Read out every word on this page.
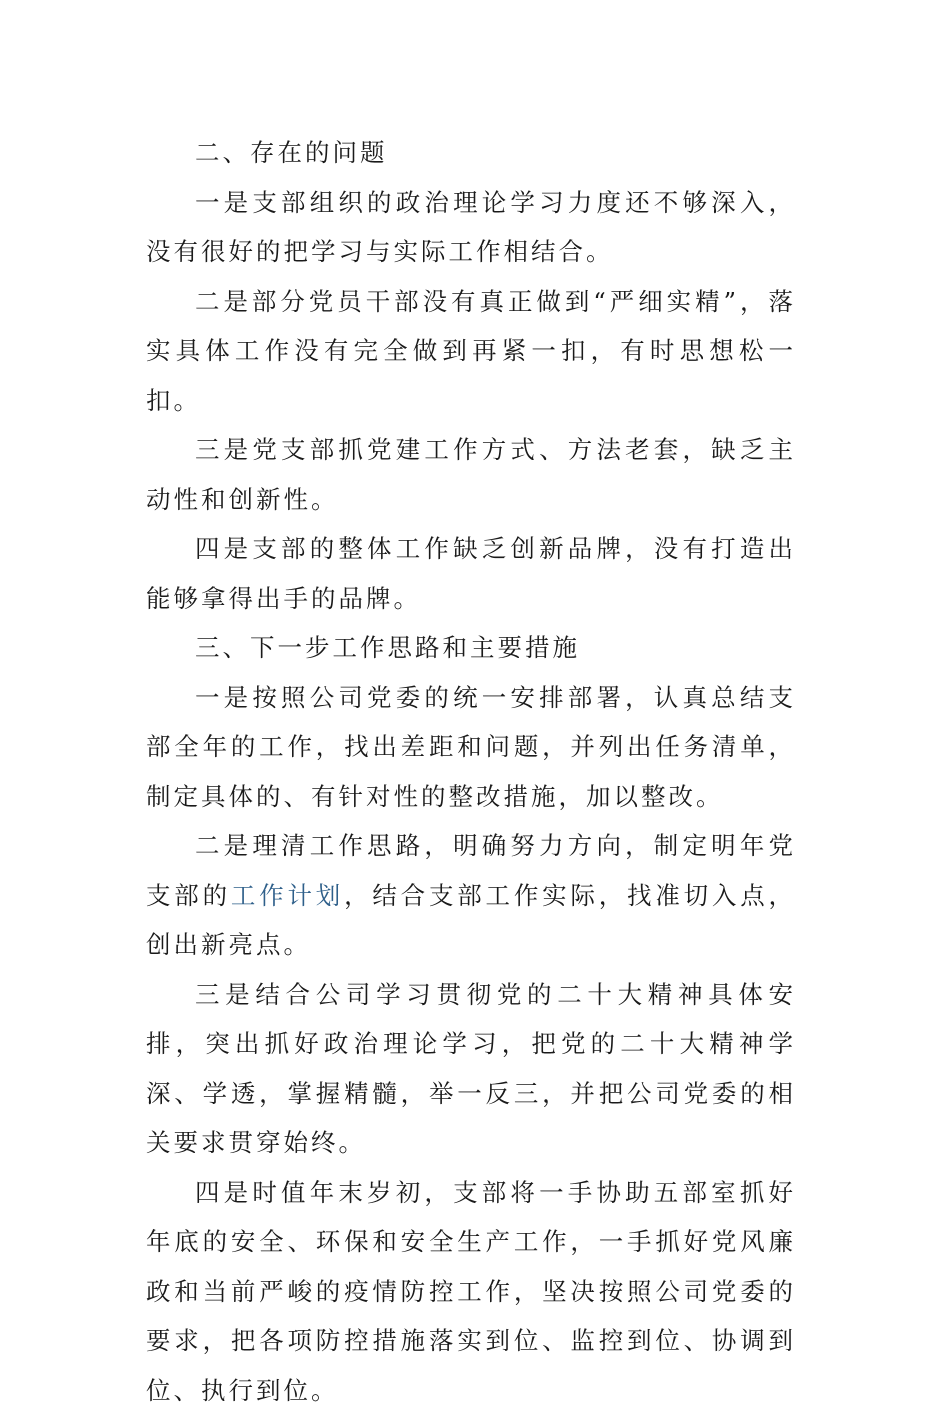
二、存在的问题

一是支部组织的政治理论学习力度还不够深入，没有很好的把学习与实际工作相结合。

二是部分党员干部没有真正做到“严细实精”，落实具体工作没有完全做到再紧一扣，有时思想松一扣。

三是党支部抓党建工作方式、方法老套，缺乏主动性和创新性。

四是支部的整体工作缺乏创新品牌，没有打造出能够拿得出手的品牌。

三、下一步工作思路和主要措施

一是按照公司党委的统一安排部署，认真总结支部全年的工作，找出差距和问题，并列出任务清单，制定具体的、有针对性的整改措施，加以整改。

二是理清工作思路，明确努力方向，制定明年党支部的工作计划，结合支部工作实际，找准切入点，创出新亮点。

三是结合公司学习贯彻党的二十大精神具体安排，突出抓好政治理论学习，把党的二十大精神学深、学透，掌握精髓，举一反三，并把公司党委的相关要求贯穿始终。

四是时值年末岁初，支部将一手协助五部室抓好年底的安全、环保和安全生产工作，一手抓好党风廉政和当前严峻的疫情防控工作，坚决按照公司党委的要求，把各项防控措施落实到位、监控到位、协调到位、执行到位。
